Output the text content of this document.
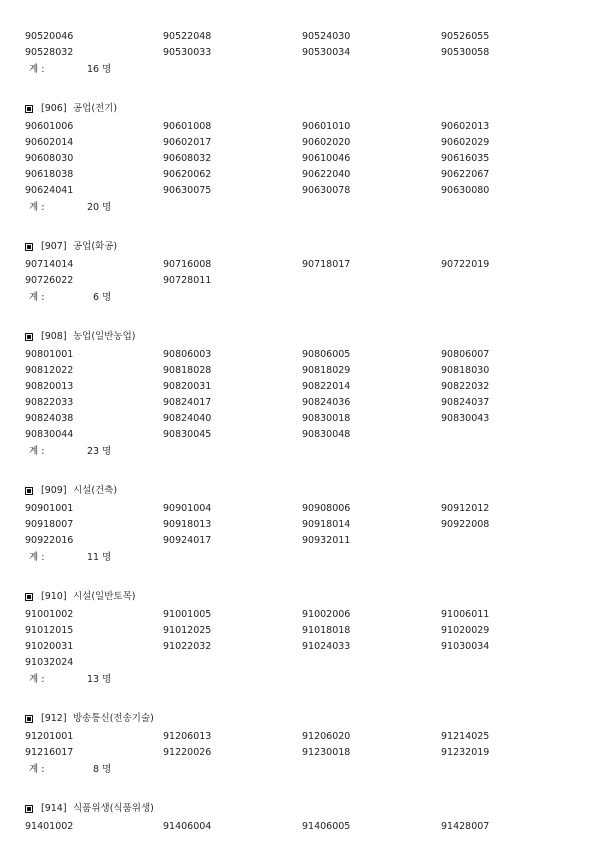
90520046	90522048	90524030	90526055
90528032	90530033	90530034	90530058
계 :	16 명
[906] 공업(전기)
90601006	90601008	90601010	90602013
90602014	90602017	90602020	90602029
90608030	90608032	90610046	90616035
90618038	90620062	90622040	90622067
90624041	90630075	90630078	90630080
계 :	20 명
[907] 공업(화공)
90714014	90716008	90718017	90722019
90726022	90728011
계 :	6 명
[908] 농업(일반농업)
90801001	90806003	90806005	90806007
90812022	90818028	90818029	90818030
90820013	90820031	90822014	90822032
90822033	90824017	90824036	90824037
90824038	90824040	90830018	90830043
90830044	90830045	90830048
계 :	23 명
[909] 시설(건축)
90901001	90901004	90908006	90912012
90918007	90918013	90918014	90922008
90922016	90924017	90932011
계 :	11 명
[910] 시설(일반토목)
91001002	91001005	91002006	91006011
91012015	91012025	91018018	91020029
91020031	91022032	91024033	91030034
91032024
계 :	13 명
[912] 방송통신(전송기술)
91201001	91206013	91206020	91214025
91216017	91220026	91230018	91232019
계 :	8 명
[914] 식품위생(식품위생)
91401002	91406004	91406005	91428007
